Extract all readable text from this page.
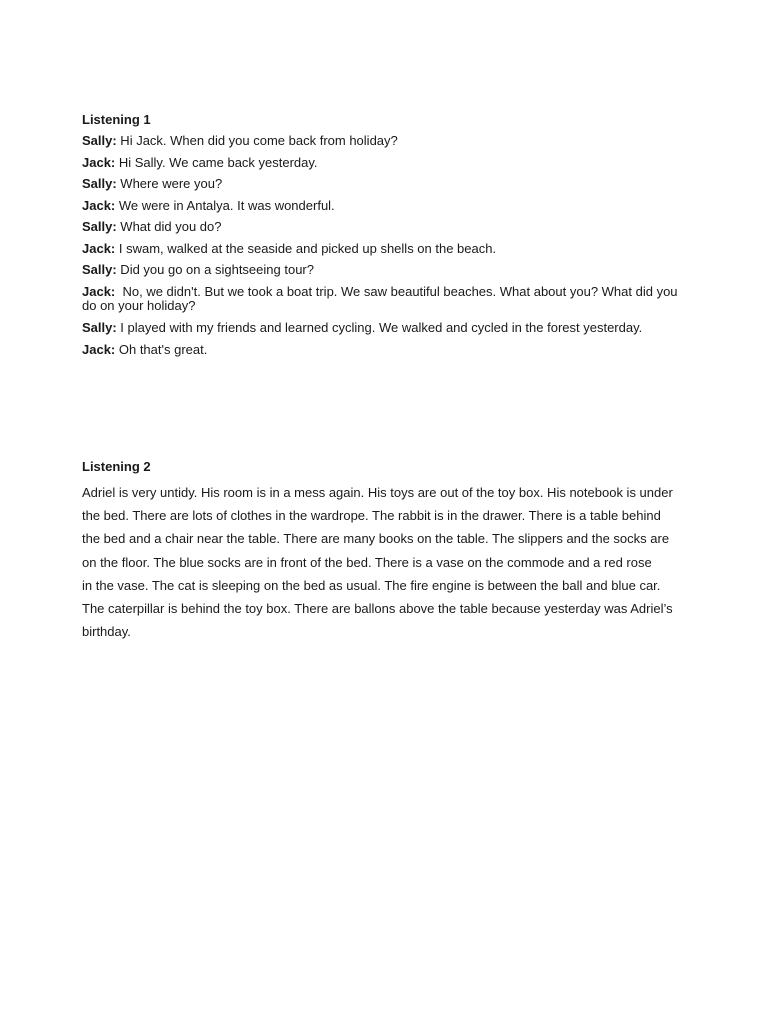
Listening 1

Sally: Hi Jack. When did you come back from holiday?

Jack: Hi Sally. We came back yesterday.

Sally: Where were you?

Jack: We were in Antalya. It was wonderful.

Sally: What did you do?

Jack: I swam, walked at the seaside and picked up shells on the beach.

Sally: Did you go on a sightseeing tour?

Jack:  No, we didn't. But we took a boat trip. We saw beautiful beaches. What about you? What did you do on your holiday?

Sally: I played with my friends and learned cycling. We walked and cycled in the forest yesterday.

Jack: Oh that's great.

Listening 2

Adriel is very untidy. His room is in a mess again. His toys are out of the toy box. His notebook is under
the bed. There are lots of clothes in the wardrope. The rabbit is in the drawer. There is a table behind
the bed and a chair near the table. There are many books on the table. The slippers and the socks are
on the floor. The blue socks are in front of the bed. There is a vase on the commode and a red rose
in the vase. The cat is sleeping on the bed as usual. The fire engine is between the ball and blue car.
The caterpillar is behind the toy box. There are ballons above the table because yesterday was Adriel’s
birthday.
